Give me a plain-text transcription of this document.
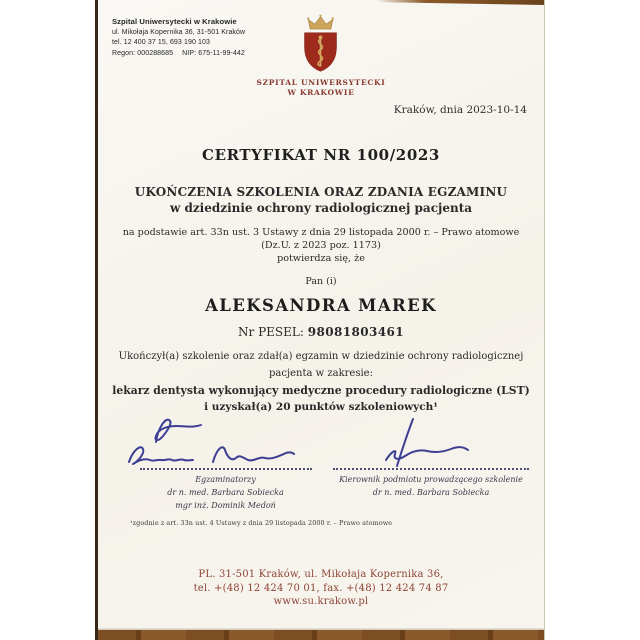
Szpital Uniwersytecki w Krakowie
ul. Mikołaja Kopernika 36, 31-501 Kraków
tel. 12 400 37 15, 693 190 103
Regon: 000288685 NIP: 675-11-99-442
SZPITAL UNIWERSYTECKI
W KRAKOWIE
Kraków, dnia 2023-10-14
CERTYFIKAT NR 100/2023
UKOŃCZENIA SZKOLENIA ORAZ ZDANIA EGZAMINU
w dziedzinie ochrony radiologicznej pacjenta
na podstawie art. 33n ust. 3 Ustawy z dnia 29 listopada 2000 r. – Prawo atomowe
(Dz.U. z 2023 poz. 1173)
potwierdza się, że
Pan (i)
ALEKSANDRA MAREK
Nr PESEL: 98081803461
Ukończył(a) szkolenie oraz zdał(a) egzamin w dziedzinie ochrony radiologicznej
pacjenta w zakresie:
lekarz dentysta wykonujący medyczne procedury radiologiczne (LST)
i uzyskał(a) 20 punktów szkoleniowych¹
Egzaminatorzy
dr n. med. Barbara Sobiecka
mgr inż. Dominik Medoń
Kierownik podmiotu prowadzącego szkolenie
dr n. med. Barbara Sobiecka
¹zgodnie z art. 33n ust. 4 Ustawy z dnia 29 listopada 2000 r. – Prawo atomowe
PL. 31-501 Kraków, ul. Mikołaja Kopernika 36,
tel. +(48) 12 424 70 01, fax. +(48) 12 424 74 87
www.su.krakow.pl
